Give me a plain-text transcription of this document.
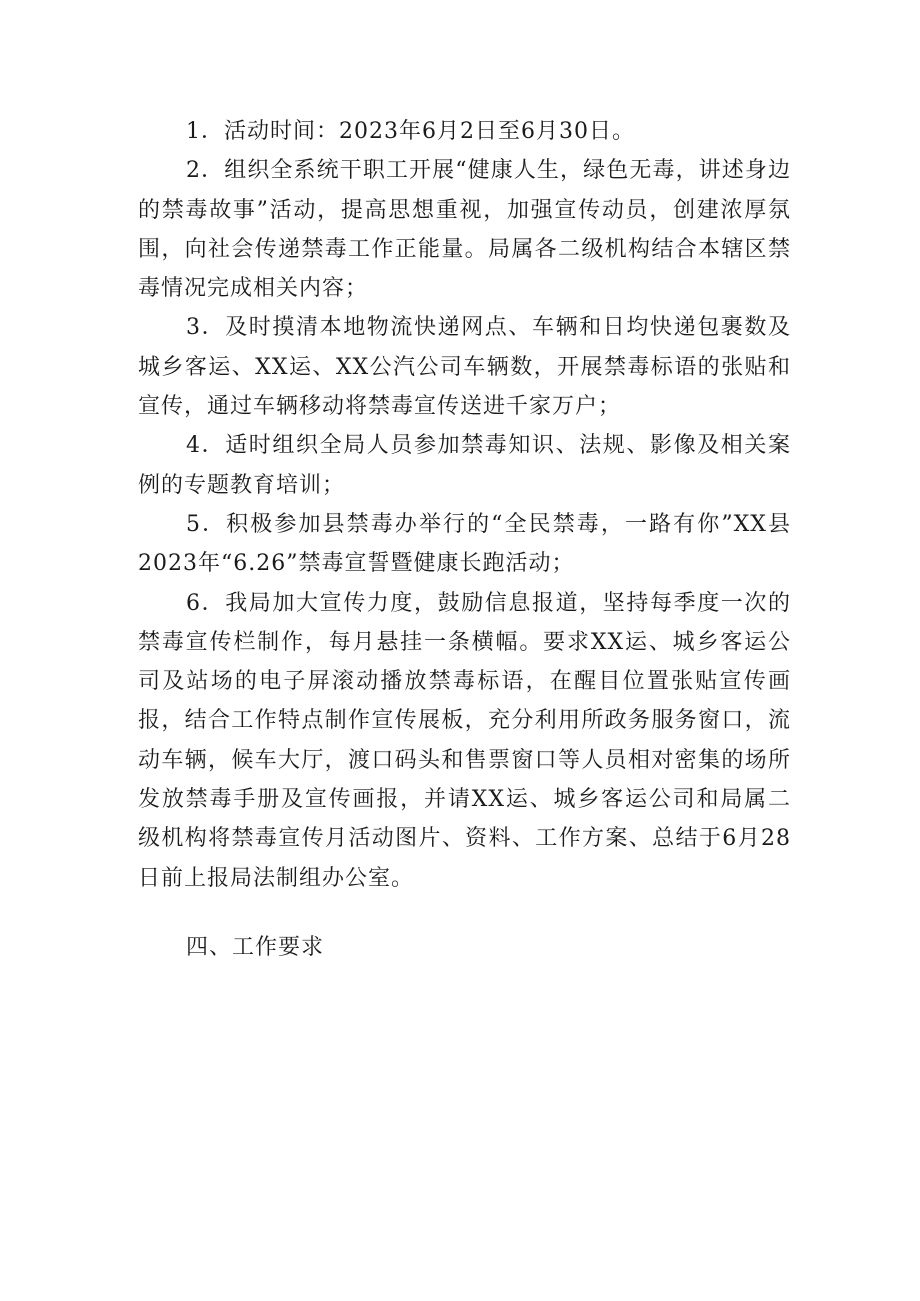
1．活动时间：2023年6月2日至6月30日。

2．组织全系统干职工开展“健康人生，绿色无毒，讲述身边的禁毒故事”活动，提高思想重视，加强宣传动员，创建浓厚氛围，向社会传递禁毒工作正能量。局属各二级机构结合本辖区禁毒情况完成相关内容；

3．及时摸清本地物流快递网点、车辆和日均快递包裹数及城乡客运、XX运、XX公汽公司车辆数，开展禁毒标语的张贴和宣传，通过车辆移动将禁毒宣传送进千家万户；

4．适时组织全局人员参加禁毒知识、法规、影像及相关案例的专题教育培训；

5．积极参加县禁毒办举行的“全民禁毒，一路有你”XX县2023年“6.26”禁毒宣誓暨健康长跑活动；

6．我局加大宣传力度，鼓励信息报道，坚持每季度一次的禁毒宣传栏制作，每月悬挂一条横幅。要求XX运、城乡客运公司及站场的电子屏滚动播放禁毒标语，在醒目位置张贴宣传画报，结合工作特点制作宣传展板，充分利用所政务服务窗口，流动车辆，候车大厅，渡口码头和售票窗口等人员相对密集的场所发放禁毒手册及宣传画报，并请XX运、城乡客运公司和局属二级机构将禁毒宣传月活动图片、资料、工作方案、总结于6月28日前上报局法制组办公室。

四、工作要求
